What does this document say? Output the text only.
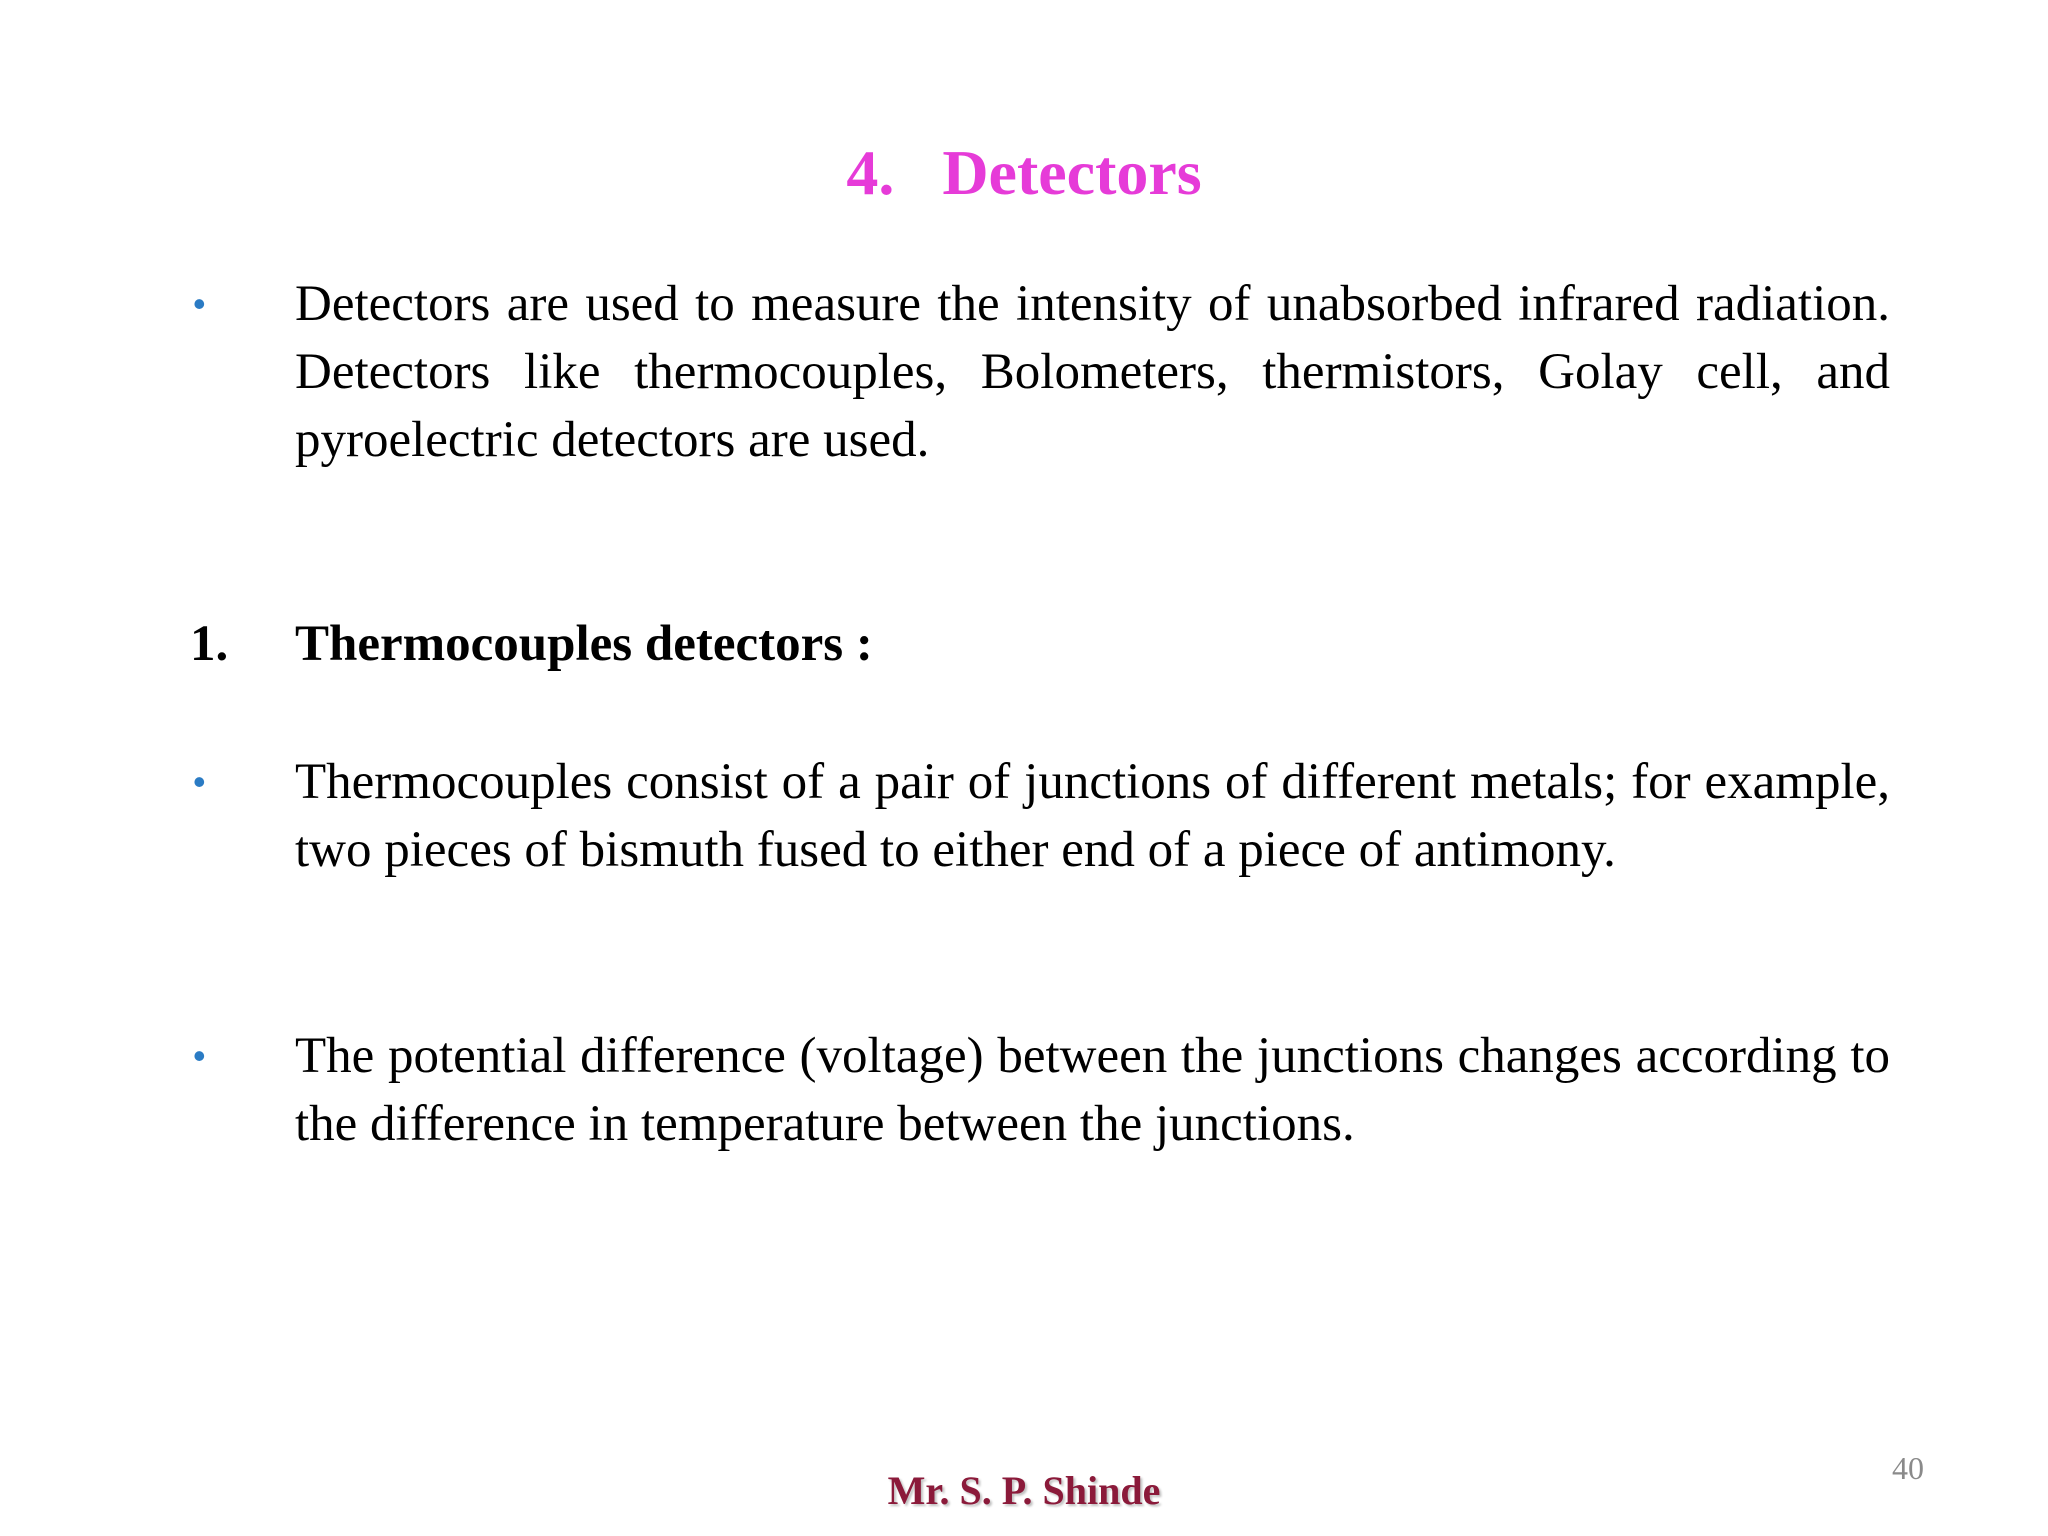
4. Detectors
•	Detectors are used to measure the intensity of unabsorbed infrared radiation. Detectors like thermocouples, Bolometers, thermistors, Golay cell, and pyroelectric detectors are used.
1.	Thermocouples detectors :
•	Thermocouples consist of a pair of junctions of different metals; for example, two pieces of bismuth fused to either end of a piece of antimony.
•	The potential difference (voltage) between the junctions changes according to the difference in temperature between the junctions.
40
Mr. S. P. Shinde
